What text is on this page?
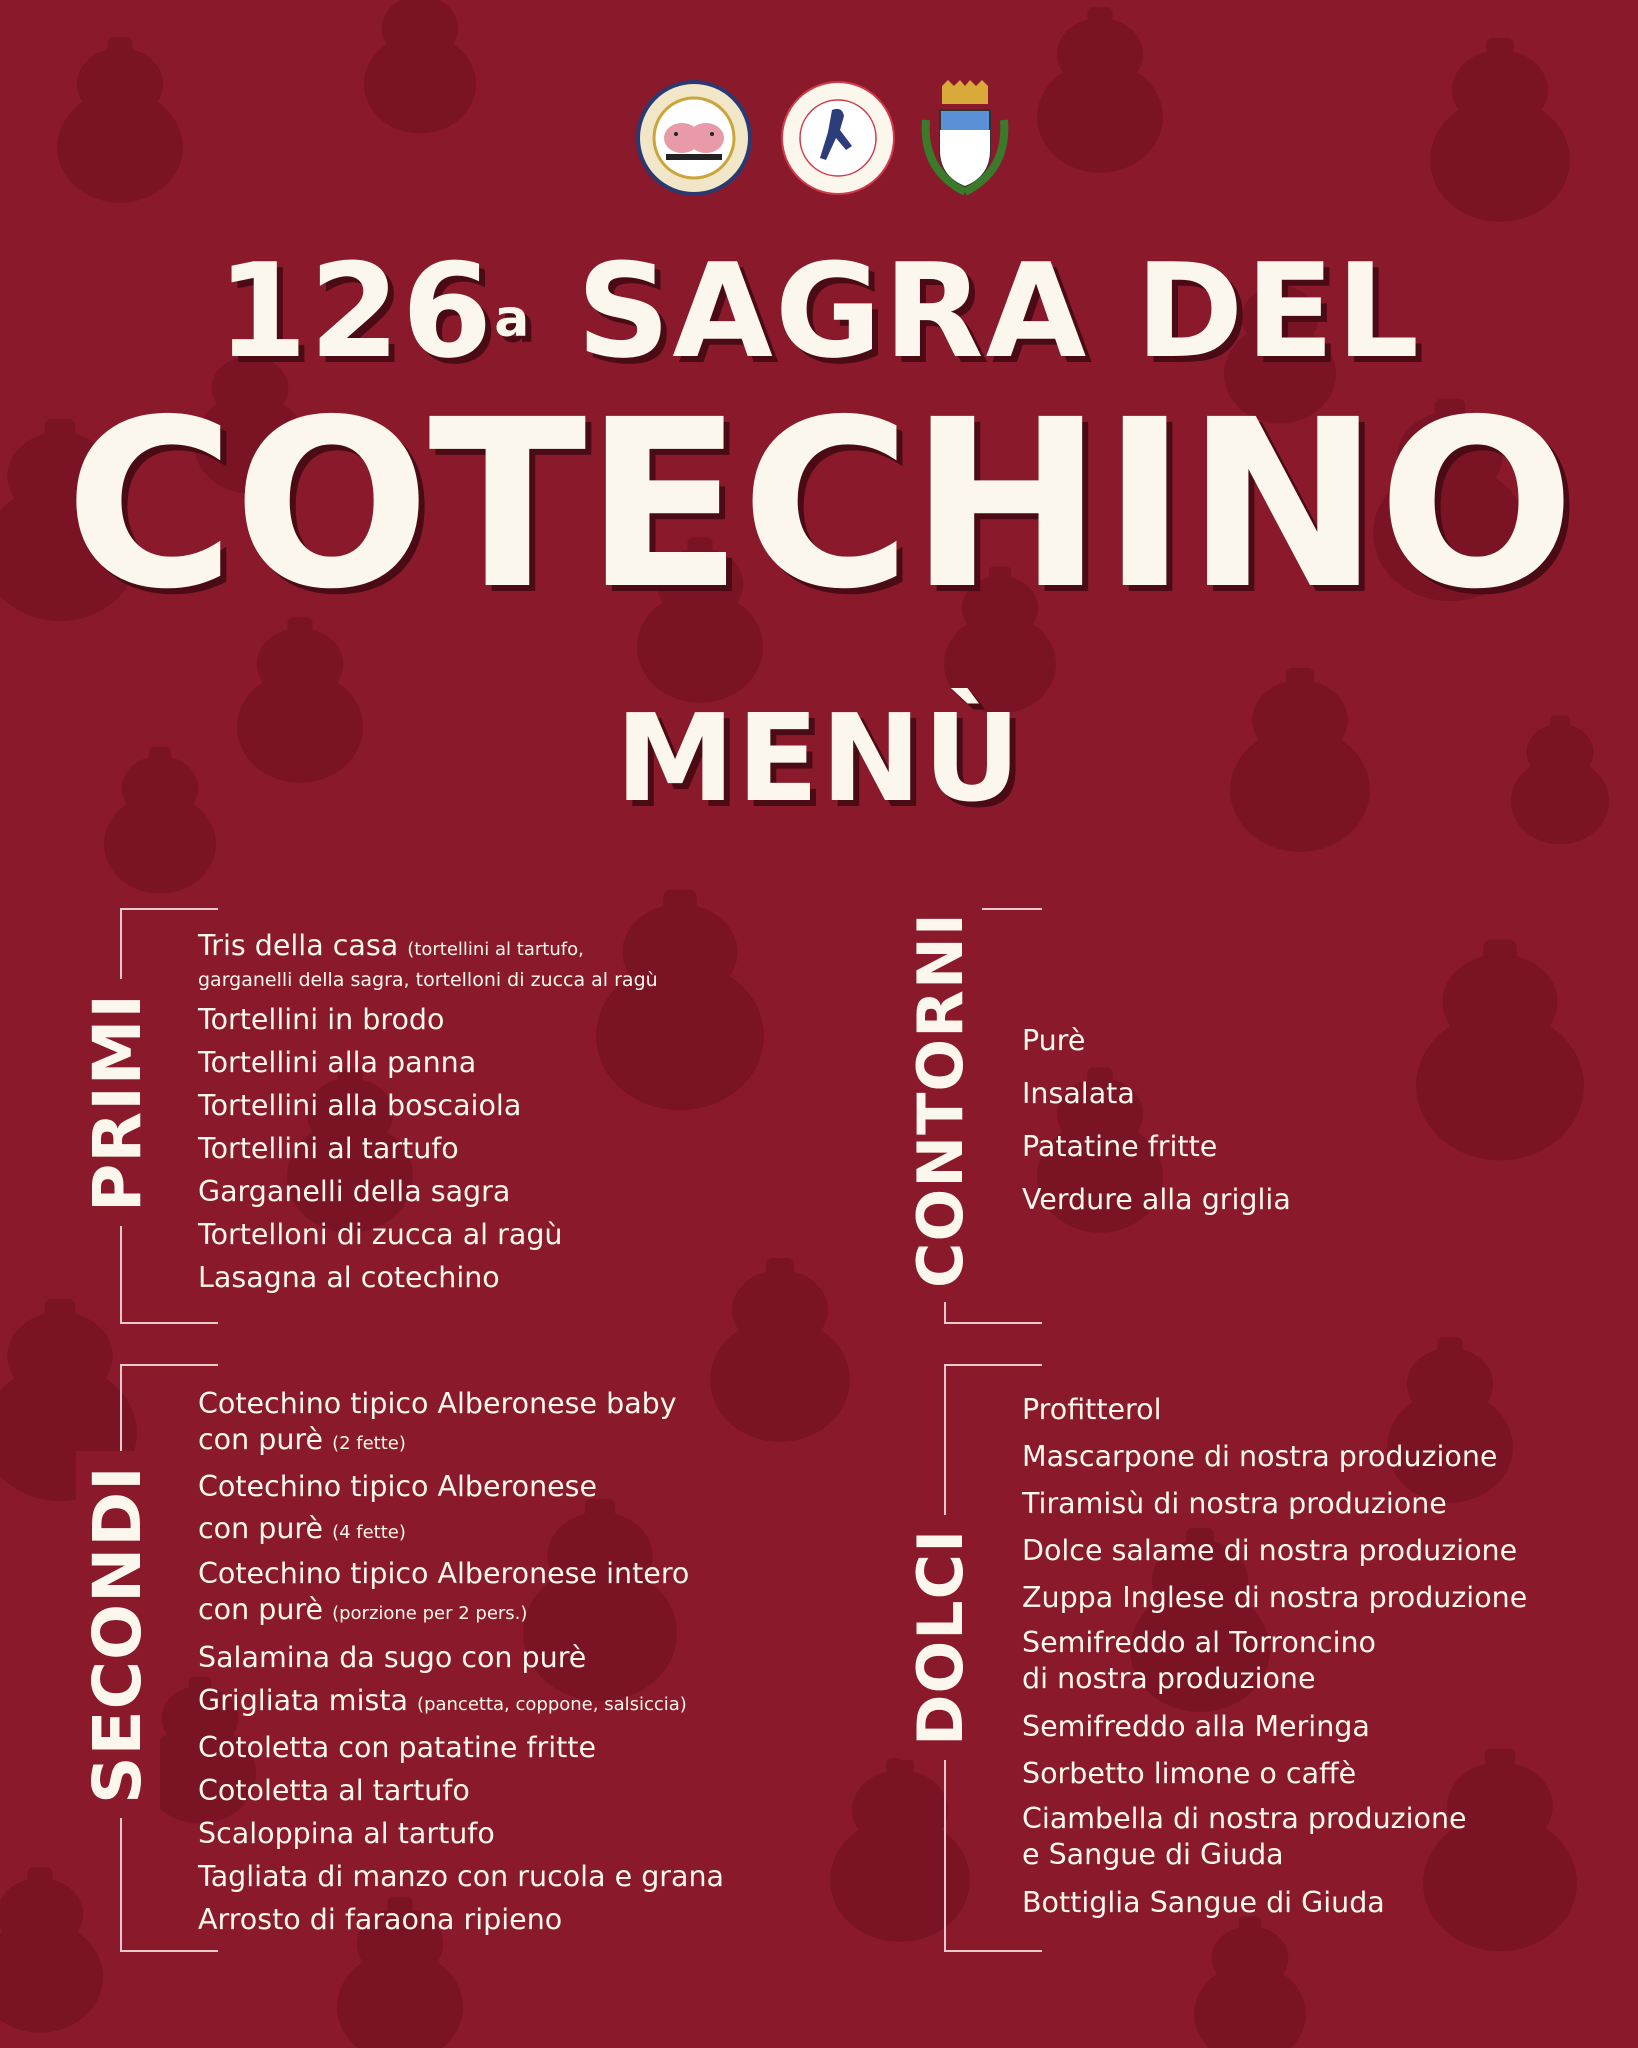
126$^a$ SAGRA DEL
COTECHINO
MENÙ
PRIMI
Tris della casa (tortellini al tartufo,
garganelli della sagra, tortelloni di zucca al ragù
Tortellini in brodo
Tortellini alla panna
Tortellini alla boscaiola
Tortellini al tartufo
Garganelli della sagra
Tortelloni di zucca al ragù
Lasagna al cotechino	CONTORNI Purè
Insalata
Patatine fritte
Verdure alla griglia
SECONDI
Cotechino tipico Alberonese baby
con purè (2 fette)
Cotechino tipico Alberonese
con purè (4 fette)
Cotechino tipico Alberonese intero
con purè (porzione per 2 pers.)
Salamina da sugo con purè
Grigliata mista (pancetta, coppone, salsiccia)
Cotoletta con patatine fritte
Cotoletta al tartufo
Scaloppina al tartufo
Tagliata di manzo con rucola e grana
Arrosto di faraona ripieno
DOLCI
Profitterol
Mascarpone di nostra produzione
Tiramisù di nostra produzione
Dolce salame di nostra produzione
Zuppa Inglese di nostra produzione
Semifreddo al Torroncino
di nostra produzione
Semifreddo alla Meringa
Sorbetto limone o caffè
Ciambella di nostra produzione
e Sangue di Giuda
Bottiglia Sangue di Giuda
